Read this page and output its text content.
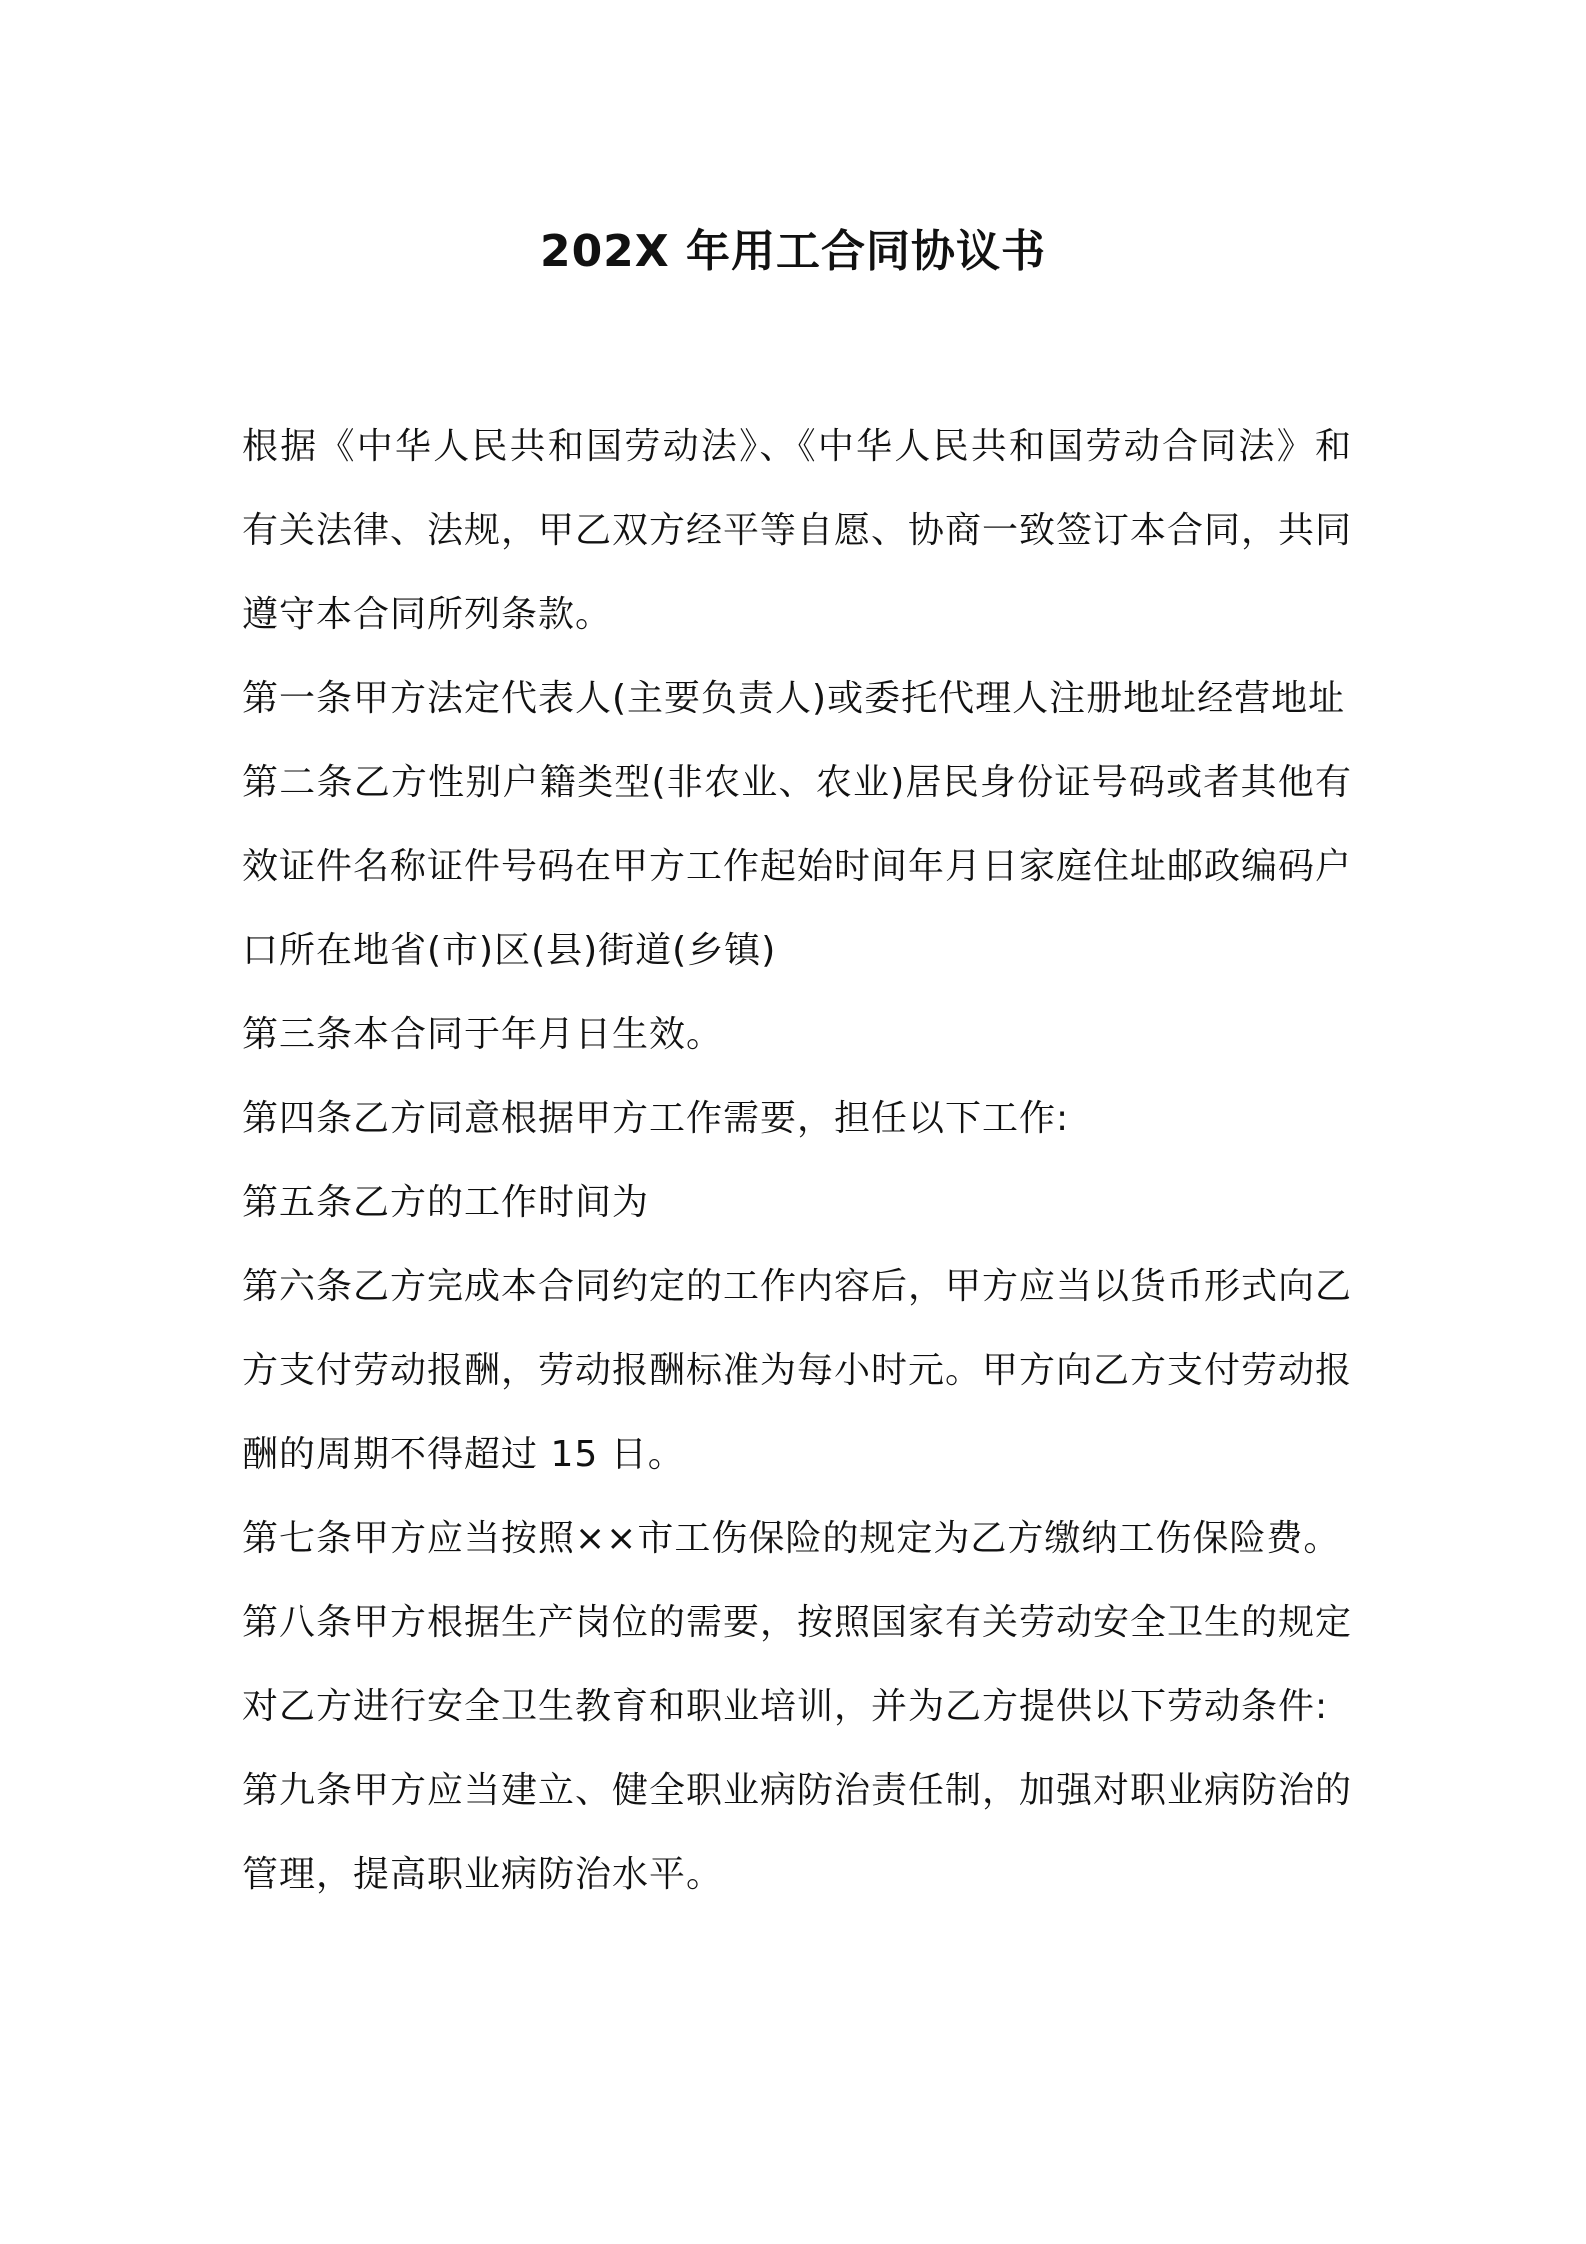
202X 年用工合同协议书

根据《中华人民共和国劳动法》、《中华人民共和国劳动合同法》和有关法律、法规，甲乙双方经平等自愿、协商一致签订本合同，共同遵守本合同所列条款。

第一条甲方法定代表人(主要负责人)或委托代理人注册地址经营地址

第二条乙方性别户籍类型(非农业、农业)居民身份证号码或者其他有效证件名称证件号码在甲方工作起始时间年月日家庭住址邮政编码户口所在地省(市)区(县)街道(乡镇)

第三条本合同于年月日生效。

第四条乙方同意根据甲方工作需要，担任以下工作:

第五条乙方的工作时间为

第六条乙方完成本合同约定的工作内容后，甲方应当以货币形式向乙方支付劳动报酬，劳动报酬标准为每小时元。甲方向乙方支付劳动报酬的周期不得超过 15 日。

第七条甲方应当按照××市工伤保险的规定为乙方缴纳工伤保险费。

第八条甲方根据生产岗位的需要，按照国家有关劳动安全卫生的规定对乙方进行安全卫生教育和职业培训，并为乙方提供以下劳动条件:

第九条甲方应当建立、健全职业病防治责任制，加强对职业病防治的管理，提高职业病防治水平。
